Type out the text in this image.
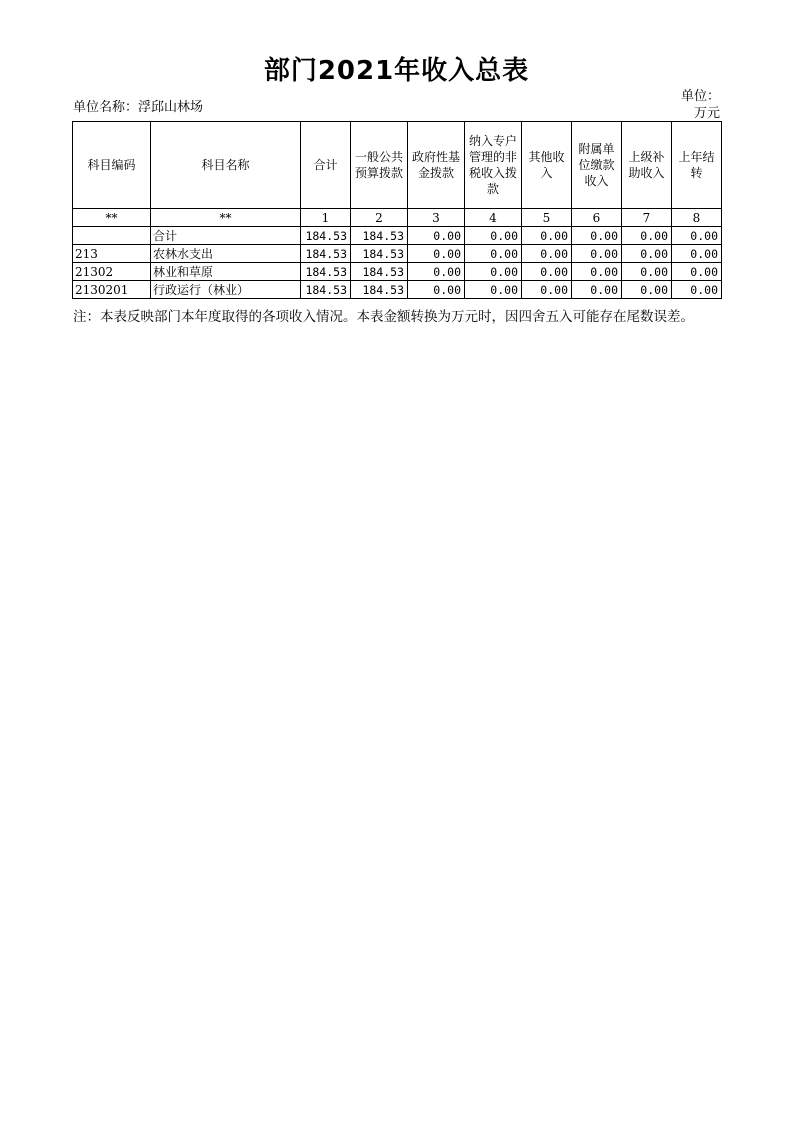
部门2021年收入总表
单位名称：浮邱山林场
单位：
万元
科目编码	科目名称	合计	一般公共预算拨款	政府性基金拨款	纳入专户管理的非税收入拨款	其他收入	附属单位缴款收入	上级补助收入	上年结转
**	**	1	2	3	4	5	6	7	8
	合计	184.53	184.53	0.00	0.00	0.00	0.00	0.00	0.00
213	农林水支出	184.53	184.53	0.00	0.00	0.00	0.00	0.00	0.00
21302	林业和草原	184.53	184.53	0.00	0.00	0.00	0.00	0.00	0.00
2130201	行政运行（林业）	184.53	184.53	0.00	0.00	0.00	0.00	0.00	0.00
注：本表反映部门本年度取得的各项收入情况。本表金额转换为万元时，因四舍五入可能存在尾数误差。
